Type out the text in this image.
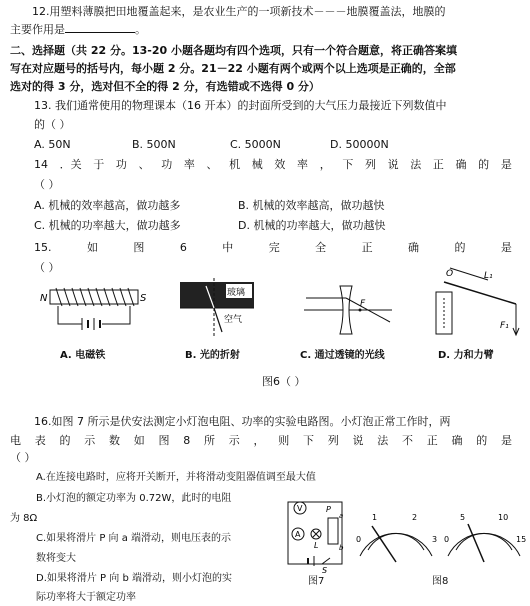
12.用塑料薄膜把田地覆盖起来，是农业生产的一项新技术－－－地膜覆盖法，地膜的
主要作用是	。
二、选择题（共 22 分。13-20 小题各题均有四个选项，只有一个符合题意，将正确答案填
写在对应题号的括号内，每小题 2 分。21－22 小题有两个或两个以上选项是正确的，全部
选对的得 3 分，选对但不全的得 2 分，有选错或不选得 0 分）
13. 我们通常使用的物理课本（16 开本）的封面所受到的大气压力最接近下列数值中
的（ ）
A. 50N	B. 500N	C. 5000N	D. 50000N
14 ．关 于 功 、 功 率 、 机 械 效 率 ， 下 列 说 法 正 确 的 是
（ ）
A. 机械的效率越高，做功越多	B. 机械的效率越高，做功越快
C. 机械的功率越大，做功越多	D. 机械的功率越大，做功越快
15.	如	图	6	中	完	全	正	确	的	是
（ ）
N	S
A. 电磁铁
玻璃
空气
B. 光的折射
F
C. 通过透镜的光线
O	L₁
F₁
D. 力和力臂
图6（ ）
16.如图 7 所示是伏安法测定小灯泡电阻、功率的实验电路图。小灯泡正常工作时，两
电 表 的 示 数 如 图 8 所 示 ， 则 下 列 说 法 不 正 确 的 是
（ ）
A.在连接电路时，应将开关断开，并将滑动变阻器值调至最大值
B.小灯泡的额定功率为 0.72W，此时的电阻
为 8Ω
C.如果将滑片 P 向 a 端滑动，则电压表的示
数将变大
D.如果将滑片 P 向 b 端滑动，则小灯泡的实
际功率将大于额定功率
V
A
L
P
a
b
S
图7
0
1	2
3 0
5	10
15
图8
